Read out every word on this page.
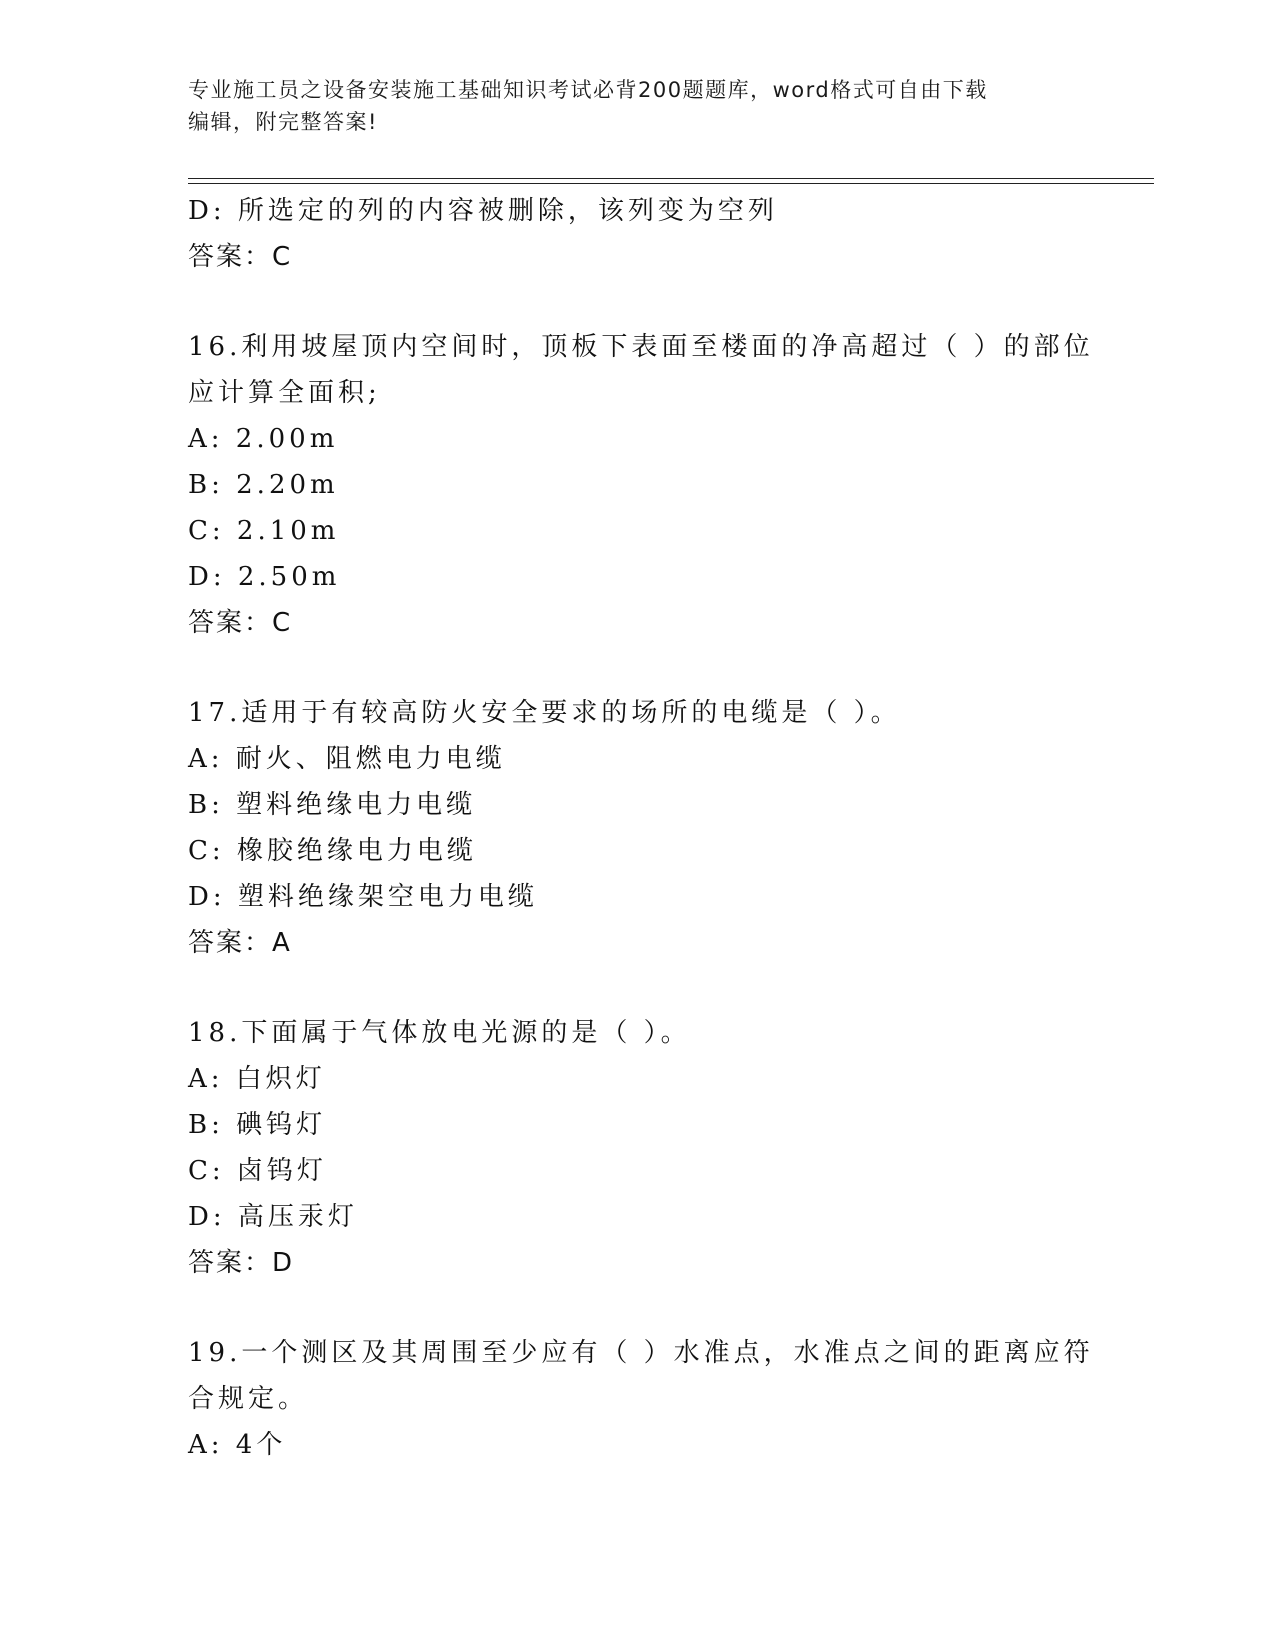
专业施工员之设备安装施工基础知识考试必背200题题库，word格式可自由下载
编辑，附完整答案!
D: 所选定的列的内容被删除，该列变为空列
答案：C
16.利用坡屋顶内空间时，顶板下表面至楼面的净高超过（ ）的部位
应计算全面积;
A: 2.00m
B: 2.20m
C: 2.10m
D: 2.50m
答案：C
17.适用于有较高防火安全要求的场所的电缆是（ ）。
A: 耐火、阻燃电力电缆
B: 塑料绝缘电力电缆
C: 橡胶绝缘电力电缆
D: 塑料绝缘架空电力电缆
答案：A
18.下面属于气体放电光源的是（ ）。
A: 白炽灯
B: 碘钨灯
C: 卤钨灯
D: 高压汞灯
答案：D
19.一个测区及其周围至少应有（ ）水准点，水准点之间的距离应符
合规定。
A: 4个
